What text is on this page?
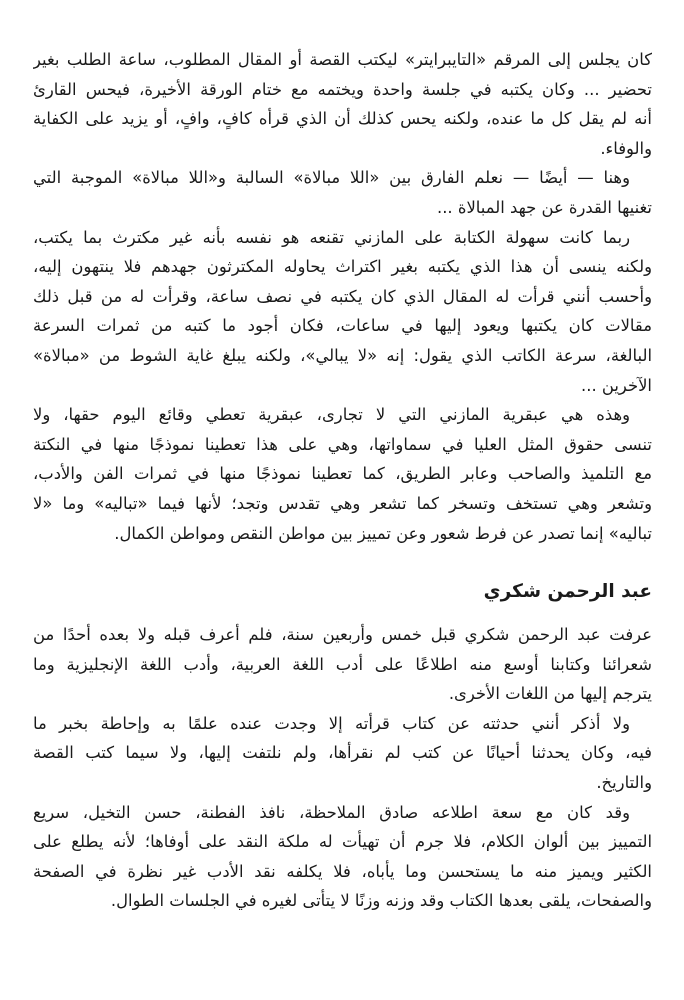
كان يجلس إلى المرقم «التايبرايتر» ليكتب القصة أو المقال المطلوب، ساعة الطلب بغير
تحضير ... وكان يكتبه في جلسة واحدة ويختمه مع ختام الورقة الأخيرة، فيحس القارئ
أنه لم يقل كل ما عنده، ولكنه يحس كذلك أن الذي قرأه كافٍ، وافٍ، أو يزيد على الكفاية
والوفاء.
وهنا — أيضًا — نعلم الفارق بين «اللا مبالاة» السالبة و«اللا مبالاة» الموجبة التي
تغنيها القدرة عن جهد المبالاة ...
ربما كانت سهولة الكتابة على المازني تقنعه هو نفسه بأنه غير مكترث بما يكتب،
ولكنه ينسى أن هذا الذي يكتبه بغير اكتراث يحاوله المكترثون جهدهم فلا ينتهون إليه،
وأحسب أنني قرأت له المقال الذي كان يكتبه في نصف ساعة، وقرأت له من قبل ذلك
مقالات كان يكتبها ويعود إليها في ساعات، فكان أجود ما كتبه من ثمرات السرعة
البالغة، سرعة الكاتب الذي يقول: إنه «لا يبالي»، ولكنه يبلغ غاية الشوط من «مبالاة»
الآخرين ...
وهذه هي عبقرية المازني التي لا تجارى، عبقرية تعطي وقائع اليوم حقها، ولا
تنسى حقوق المثل العليا في سماواتها، وهي على هذا تعطينا نموذجًا منها في النكتة
مع التلميذ والصاحب وعابر الطريق، كما تعطينا نموذجًا منها في ثمرات الفن والأدب،
وتشعر وهي تستخف وتسخر كما تشعر وهي تقدس وتجد؛ لأنها فيما «تباليه» وما «لا
تباليه» إنما تصدر عن فرط شعور وعن تمييز بين مواطن النقص ومواطن الكمال.
عبد الرحمن شكري
عرفت عبد الرحمن شكري قبل خمس وأربعين سنة، فلم أعرف قبله ولا بعده أحدًا من
شعرائنا وكتابنا أوسع منه اطلاعًا على أدب اللغة العربية، وأدب اللغة الإنجليزية وما
يترجم إليها من اللغات الأخرى.
ولا أذكر أنني حدثته عن كتاب قرأته إلا وجدت عنده علمًا به وإحاطة بخبر ما
فيه، وكان يحدثنا أحيانًا عن كتب لم نقرأها، ولم نلتفت إليها، ولا سيما كتب القصة
والتاريخ.
وقد كان مع سعة اطلاعه صادق الملاحظة، نافذ الفطنة، حسن التخيل، سريع
التمييز بين ألوان الكلام، فلا جرم أن تهيأت له ملكة النقد على أوفاها؛ لأنه يطلع على
الكثير ويميز منه ما يستحسن وما يأباه، فلا يكلفه نقد الأدب غير نظرة في الصفحة
والصفحات، يلقى بعدها الكتاب وقد وزنه وزنًا لا يتأتى لغيره في الجلسات الطوال.
